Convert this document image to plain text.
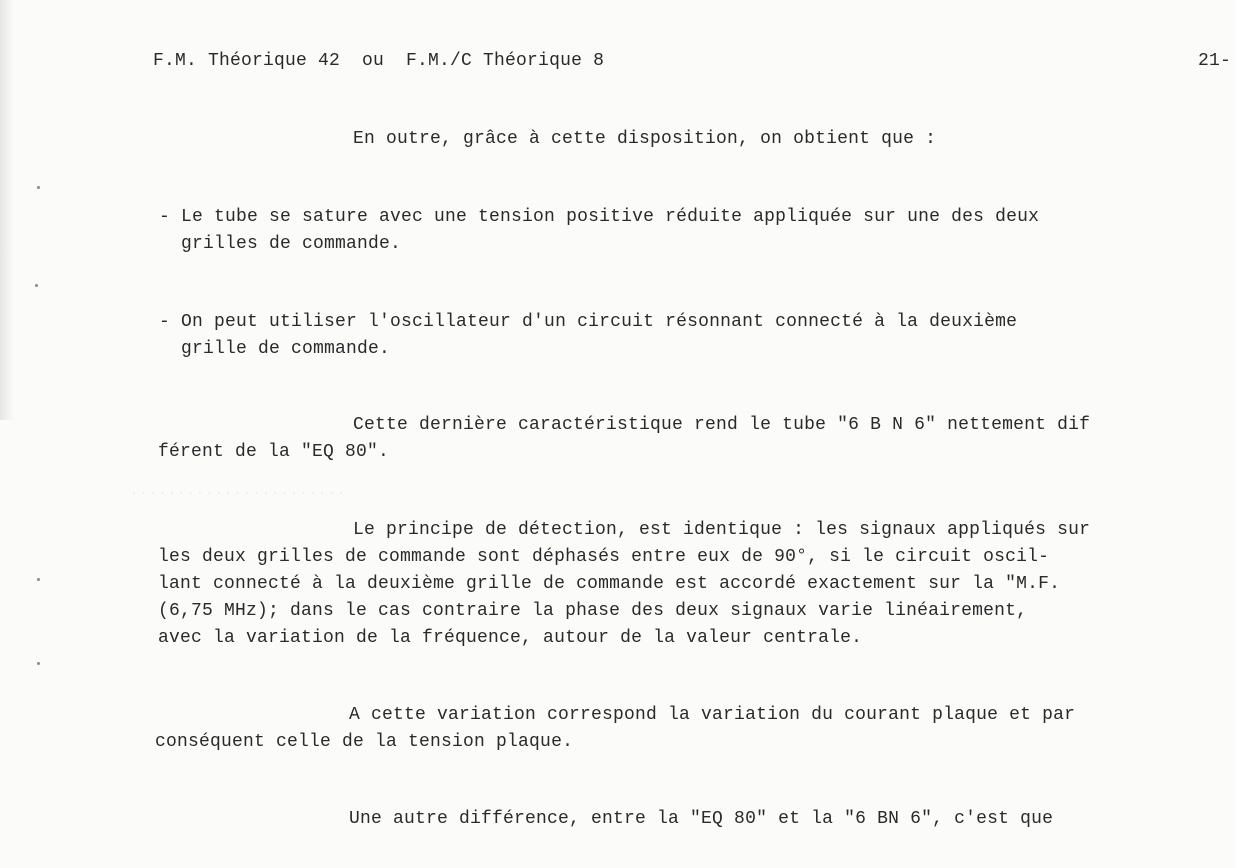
·······················
F.M. Théorique 42  ou  F.M./C Théorique 8	21-
En outre, grâce à cette disposition, on obtient que :
- Le tube se sature avec une tension positive réduite appliquée sur une des deux
grilles de commande.
- On peut utiliser l'oscillateur d'un circuit résonnant connecté à la deuxième
grille de commande.
Cette dernière caractéristique rend le tube "6 B N 6" nettement dif
férent de la "EQ 80".
Le principe de détection, est identique : les signaux appliqués sur
les deux grilles de commande sont déphasés entre eux de 90°, si le circuit oscil-
lant connecté à la deuxième grille de commande est accordé exactement sur la "M.F.
(6,75 MHz); dans le cas contraire la phase des deux signaux varie linéairement,
avec la variation de la fréquence, autour de la valeur centrale.
A cette variation correspond la variation du courant plaque et par
conséquent celle de la tension plaque.
Une autre différence, entre la "EQ 80" et la "6 BN 6", c'est que
